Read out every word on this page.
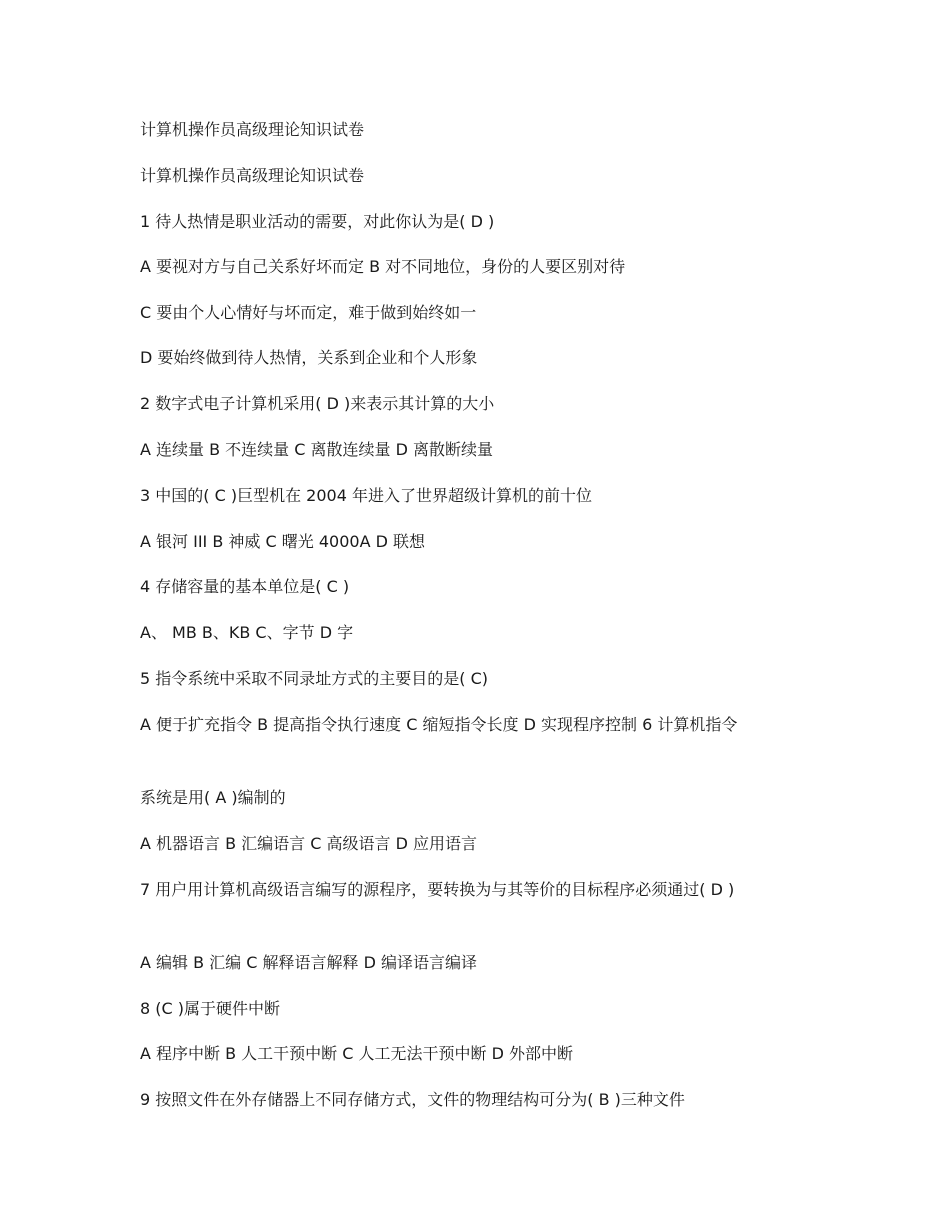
计算机操作员高级理论知识试卷
计算机操作员高级理论知识试卷
1 待人热情是职业活动的需要，对此你认为是( D )
A 要视对方与自己关系好坏而定 B 对不同地位，身份的人要区别对待
C 要由个人心情好与坏而定，难于做到始终如一
D 要始终做到待人热情，关系到企业和个人形象
2 数字式电子计算机采用( D )来表示其计算的大小
A 连续量 B 不连续量 C 离散连续量 D 离散断续量
3 中国的( C )巨型机在 2004 年进入了世界超级计算机的前十位
A 银河 III B 神威 C 曙光 4000A D 联想
4 存储容量的基本单位是( C )
A、 MB B、KB C、字节 D 字
5 指令系统中采取不同录址方式的主要目的是( C)
A 便于扩充指令 B 提高指令执行速度 C 缩短指令长度 D 实现程序控制 6 计算机指令
系统是用( A )编制的
A 机器语言 B 汇编语言 C 高级语言 D 应用语言
7 用户用计算机高级语言编写的源程序，要转换为与其等价的目标程序必须通过( D )
A 编辑 B 汇编 C 解释语言解释 D 编译语言编译
8 (C )属于硬件中断
A 程序中断 B 人工干预中断 C 人工无法干预中断 D 外部中断
9 按照文件在外存储器上不同存储方式，文件的物理结构可分为( B )三种文件
